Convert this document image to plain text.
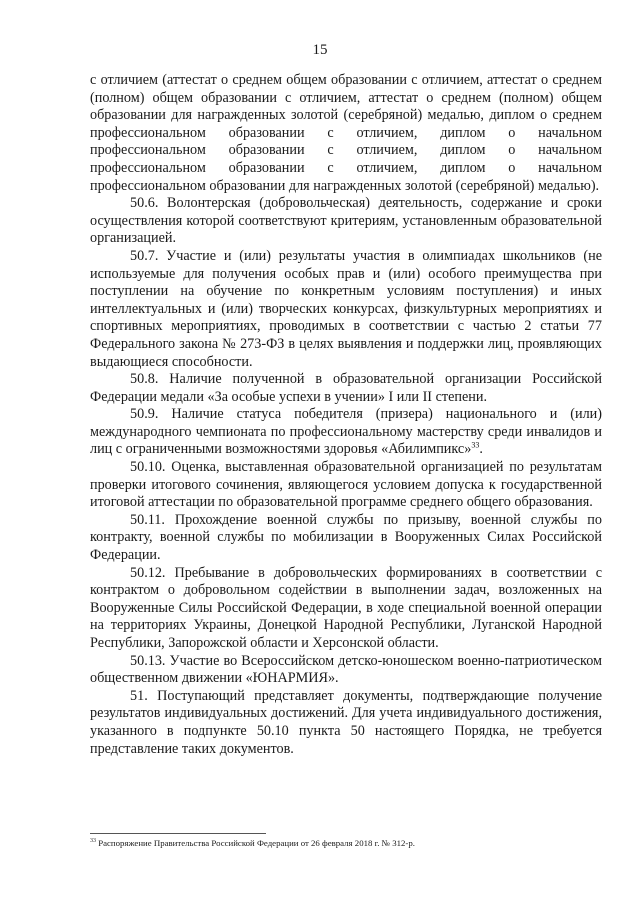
15

с отличием (аттестат о среднем общем образовании с отличием, аттестат о среднем (полном) общем образовании с отличием, аттестат о среднем (полном) общем образовании для награжденных золотой (серебряной) медалью, диплом о среднем профессиональном образовании с отличием, диплом о начальном профессиональном образовании с отличием, диплом о начальном профессиональном образовании с отличием, диплом о начальном профессиональном образовании для награжденных золотой (серебряной) медалью).

50.6. Волонтерская (добровольческая) деятельность, содержание и сроки осуществления которой соответствуют критериям, установленным образовательной организацией.

50.7. Участие и (или) результаты участия в олимпиадах школьников (не используемые для получения особых прав и (или) особого преимущества при поступлении на обучение по конкретным условиям поступления) и иных интеллектуальных и (или) творческих конкурсах, физкультурных мероприятиях и спортивных мероприятиях, проводимых в соответствии с частью 2 статьи 77 Федерального закона № 273-ФЗ в целях выявления и поддержки лиц, проявляющих выдающиеся способности.

50.8. Наличие полученной в образовательной организации Российской Федерации медали «За особые успехи в учении» I или II степени.

50.9. Наличие статуса победителя (призера) национального и (или) международного чемпионата по профессиональному мастерству среди инвалидов и лиц с ограниченными возможностями здоровья «Абилимпикс»$^{33}$.

50.10. Оценка, выставленная образовательной организацией по результатам проверки итогового сочинения, являющегося условием допуска к государственной итоговой аттестации по образовательной программе среднего общего образования.

50.11. Прохождение военной службы по призыву, военной службы по контракту, военной службы по мобилизации в Вооруженных Силах Российской Федерации.

50.12. Пребывание в добровольческих формированиях в соответствии с контрактом о добровольном содействии в выполнении задач, возложенных на Вооруженные Силы Российской Федерации, в ходе специальной военной операции на территориях Украины, Донецкой Народной Республики, Луганской Народной Республики, Запорожской области и Херсонской области.

50.13. Участие во Всероссийском детско-юношеском военно-патриотическом общественном движении «ЮНАРМИЯ».

51. Поступающий представляет документы, подтверждающие получение результатов индивидуальных достижений. Для учета индивидуального достижения, указанного в подпункте 50.10 пункта 50 настоящего Порядка, не требуется представление таких документов.

$^{33}$ Распоряжение Правительства Российской Федерации от 26 февраля 2018 г. № 312-р.
